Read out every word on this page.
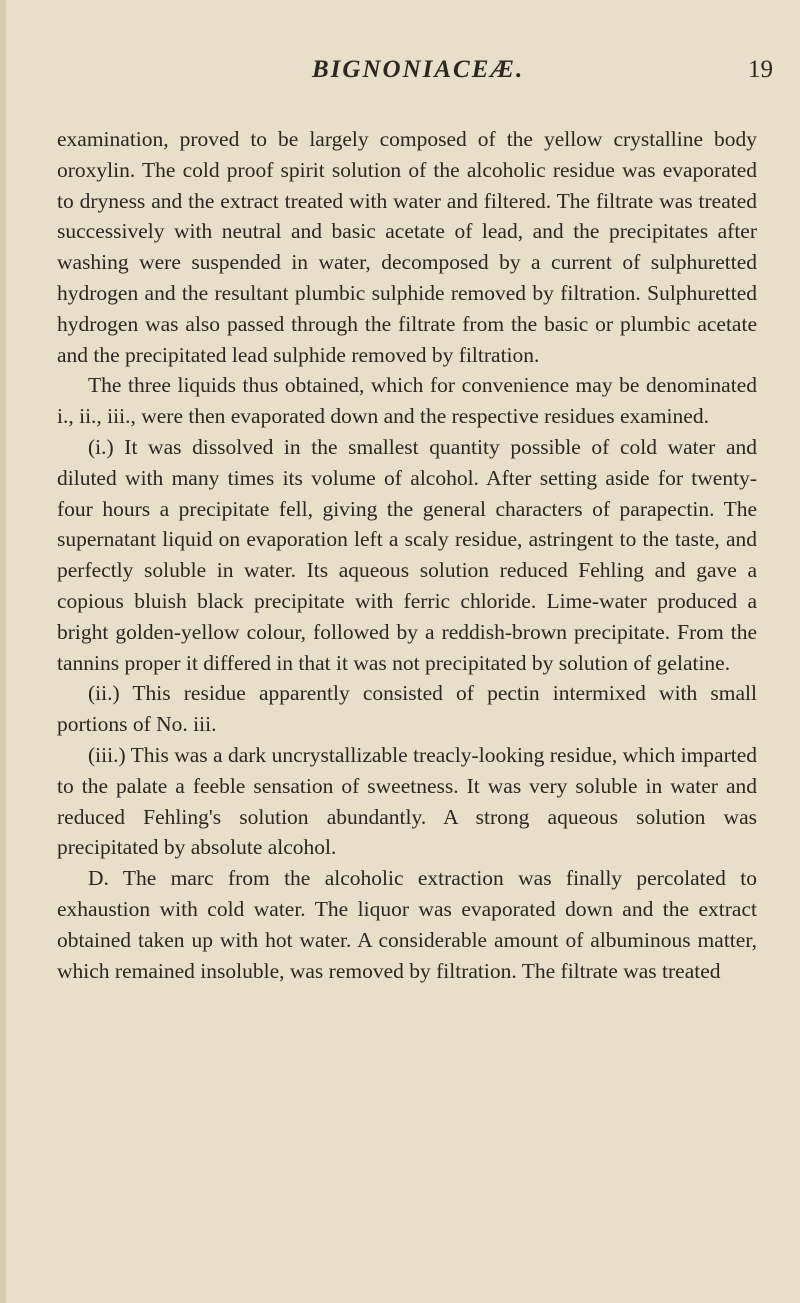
BIGNONIACEÆ.	19

examination, proved to be largely composed of the yellow crystalline body oroxylin. The cold proof spirit solution of the alcoholic residue was evaporated to dryness and the extract treated with water and filtered. The filtrate was treated successively with neutral and basic acetate of lead, and the precipitates after washing were suspended in water, decomposed by a current of sulphuretted hydrogen and the resultant plumbic sulphide removed by filtration. Sulphuretted hydrogen was also passed through the filtrate from the basic or plumbic acetate and the precipitated lead sulphide removed by filtration.

The three liquids thus obtained, which for convenience may be denominated i., ii., iii., were then evaporated down and the respective residues examined.

(i.) It was dissolved in the smallest quantity possible of cold water and diluted with many times its volume of alcohol. After setting aside for twenty-four hours a precipitate fell, giving the general characters of parapectin. The supernatant liquid on evaporation left a scaly residue, astringent to the taste, and perfectly soluble in water. Its aqueous solution reduced Fehling and gave a copious bluish black precipitate with ferric chloride. Lime-water produced a bright golden-yellow colour, followed by a reddish-brown precipitate. From the tannins proper it differed in that it was not precipitated by solution of gelatine.

(ii.) This residue apparently consisted of pectin intermixed with small portions of No. iii.

(iii.) This was a dark uncrystallizable treacly-looking residue, which imparted to the palate a feeble sensation of sweetness. It was very soluble in water and reduced Fehling's solution abundantly. A strong aqueous solution was precipitated by absolute alcohol.

D. The marc from the alcoholic extraction was finally percolated to exhaustion with cold water. The liquor was evaporated down and the extract obtained taken up with hot water. A considerable amount of albuminous matter, which remained insoluble, was removed by filtration. The filtrate was treated
